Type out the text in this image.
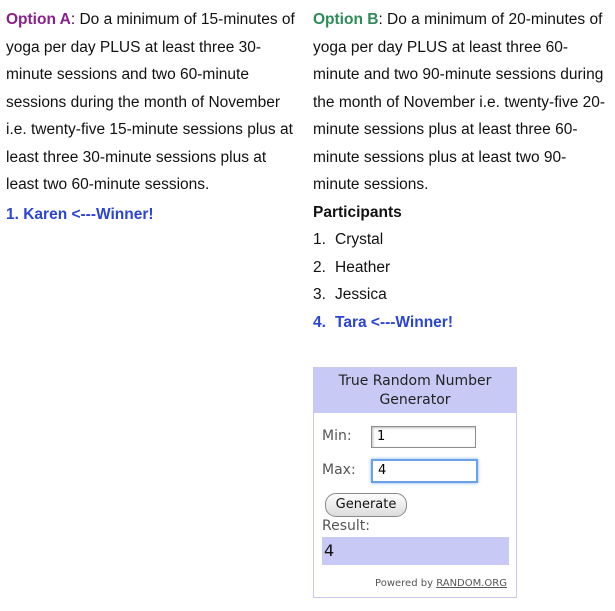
Option A: Do a minimum of 15-minutes of yoga per day PLUS at least three 30-minute sessions and two 60-minute sessions during the month of November i.e. twenty-five 15-minute sessions plus at least three 30-minute sessions plus at least two 60-minute sessions.

1. Karen <---Winner!

Option B: Do a minimum of 20-minutes of yoga per day PLUS at least three 60-minute and two 90-minute sessions during the month of November i.e. twenty-five 20-minute sessions plus at least three 60-minute sessions plus at least two 90-minute sessions.

Participants

1. Crystal
2. Heather
3. Jessica
4. Tara <---Winner!
True Random Number Generator
Min:	1
Max:	4
Generate
Result:
4
Powered by RANDOM.ORG
